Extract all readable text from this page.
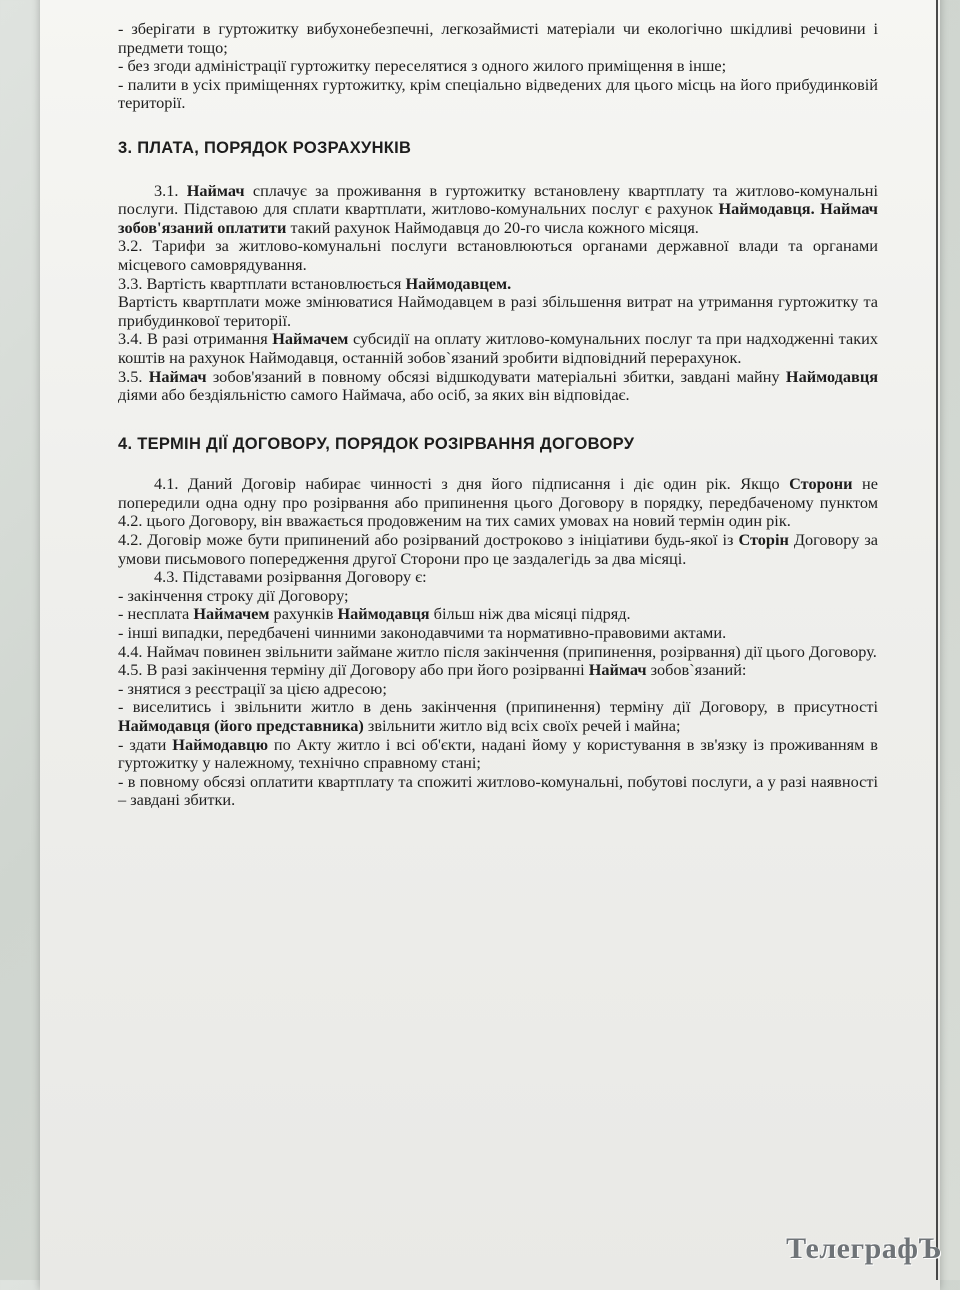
- зберігати в гуртожитку вибухонебезпечні, легкозаймисті матеріали чи екологічно шкідливі речовини і предмети тощо;

- без згоди адміністрації гуртожитку переселятися з одного жилого приміщення в інше;

- палити в усіх приміщеннях гуртожитку, крім спеціально відведених для цього місць на його прибудинковій території.

3. ПЛАТА, ПОРЯДОК РОЗРАХУНКІВ

3.1. Наймач сплачує за проживання в гуртожитку встановлену квартплату та житлово-комунальні послуги. Підставою для сплати квартплати, житлово-комунальних послуг є рахунок Наймодавця. Наймач зобов'язаний оплатити такий рахунок Наймодавця до 20-го числа кожного місяця.

3.2. Тарифи за житлово-комунальні послуги встановлюються органами державної влади та органами місцевого самоврядування.

3.3. Вартість квартплати встановлюється Наймодавцем.

Вартість квартплати може змінюватися Наймодавцем в разі збільшення витрат на утримання гуртожитку та прибудинкової території.

3.4. В разі отримання Наймачем субсидії на оплату житлово-комунальних послуг та при надходженні таких коштів на рахунок Наймодавця, останній зобов`язаний зробити відповідний перерахунок.

3.5. Наймач зобов'язаний в повному обсязі відшкодувати матеріальні збитки, завдані майну Наймодавця діями або бездіяльністю самого Наймача, або осіб, за яких він відповідає.

4. ТЕРМІН ДІЇ ДОГОВОРУ, ПОРЯДОК РОЗІРВАННЯ ДОГОВОРУ

4.1. Даний Договір набирає чинності з дня його підписання і діє один рік. Якщо Сторони не попередили одна одну про розірвання або припинення цього Договору в порядку, передбаченому пунктом 4.2. цього Договору, він вважається продовженим на тих самих умовах на новий термін один рік.

4.2. Договір може бути припинений або розірваний достроково з ініціативи будь-якої із Сторін Договору за умови письмового попередження другої Сторони про це заздалегідь за два місяці.

4.3. Підставами розірвання Договору є:

- закінчення строку дії Договору;

- несплата Наймачем рахунків Наймодавця більш ніж два місяці підряд.

- інші випадки, передбачені чинними законодавчими та нормативно-правовими актами.

4.4. Наймач повинен звільнити займане житло після закінчення (припинення, розірвання) дії цього Договору.

4.5. В разі закінчення терміну дії Договору або при його розірванні Наймач зобов`язаний:

- знятися з реєстрації за цією адресою;

- виселитись і звільнити житло в день закінчення (припинення) терміну дії Договору, в присутності Наймодавця (його представника) звільнити житло від всіх своїх речей і майна;

- здати Наймодавцю по Акту житло і всі об'єкти, надані йому у користування в зв'язку із проживанням в гуртожитку у належному, технічно справному стані;

- в повному обсязі оплатити квартплату та спожиті житлово-комунальні, побутові послуги, а у разі наявності – завдані збитки.

ТелеграфЪ
